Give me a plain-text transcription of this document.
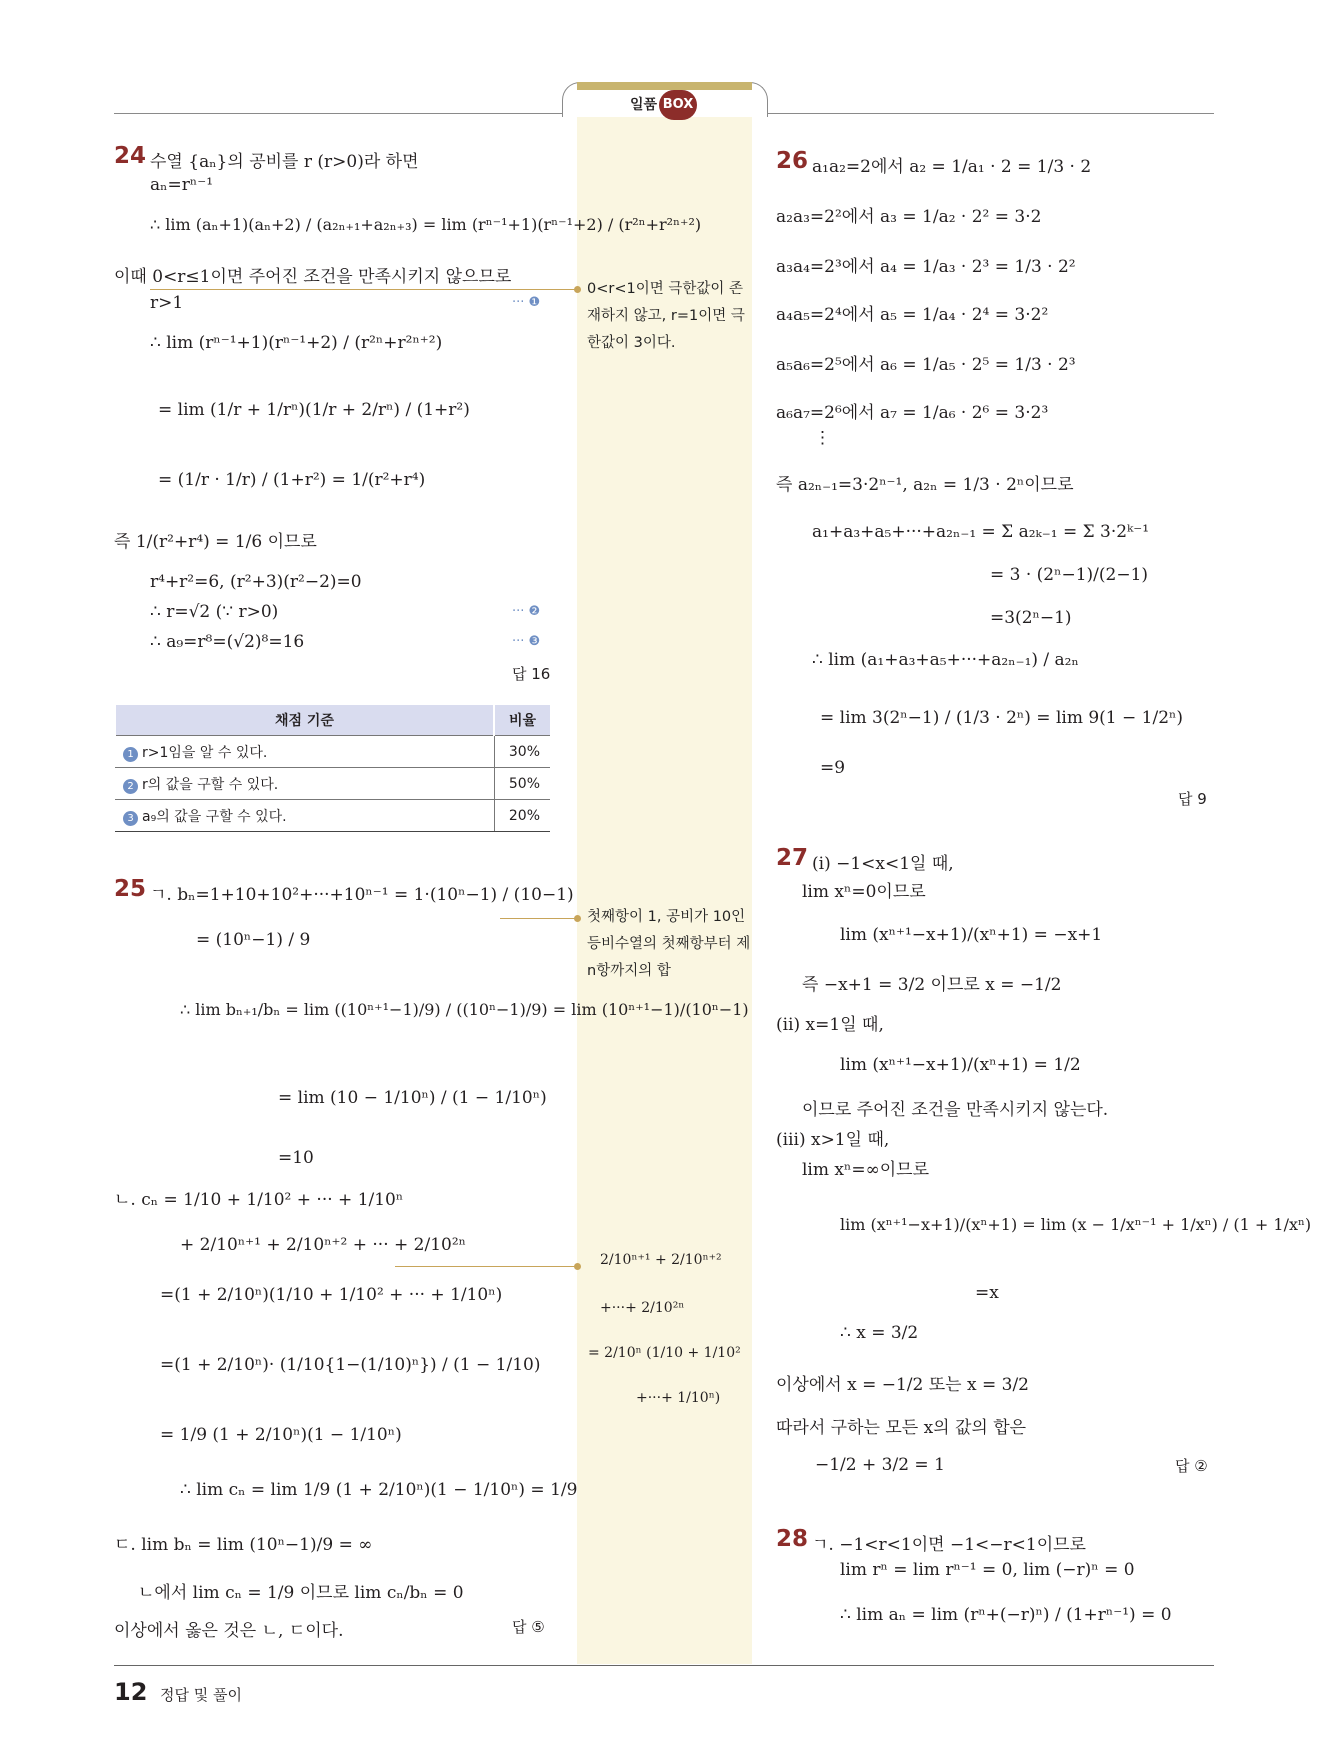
일품 BOX
24 수열 {aₙ}의 공비를 r (r>0)라 하면
aₙ=rⁿ⁻¹
∴ lim (aₙ+1)(aₙ+2) / (a₂ₙ₊₁+a₂ₙ₊₃) = lim (rⁿ⁻¹+1)(rⁿ⁻¹+2) / (r²ⁿ+r²ⁿ⁺²)
이때 0<r≤1이면 주어진 조건을 만족시키지 않으므로
r>1	··· ❶
∴ lim (rⁿ⁻¹+1)(rⁿ⁻¹+2) / (r²ⁿ+r²ⁿ⁺²)
= lim (1/r + 1/rⁿ)(1/r + 2/rⁿ) / (1+r²)
= (1/r · 1/r) / (1+r²) = 1/(r²+r⁴)
즉 1/(r²+r⁴) = 1/6 이므로
r⁴+r²=6, (r²+3)(r²−2)=0
∴ r=√2 (∵ r>0)	··· ❷
∴ a₉=r⁸=(√2)⁸=16	··· ❸
답 16
채점 기준	비율
1 r>1임을 알 수 있다.	30%
2 r의 값을 구할 수 있다.	50%
3 a₉의 값을 구할 수 있다.	20%
25 ㄱ. bₙ=1+10+10²+···+10ⁿ⁻¹ = 1·(10ⁿ−1) / (10−1)
= (10ⁿ−1) / 9
∴ lim bₙ₊₁/bₙ = lim ((10ⁿ⁺¹−1)/9) / ((10ⁿ−1)/9) = lim (10ⁿ⁺¹−1)/(10ⁿ−1)
= lim (10 − 1/10ⁿ) / (1 − 1/10ⁿ)
=10
ㄴ. cₙ = 1/10 + 1/10² + ··· + 1/10ⁿ
+ 2/10ⁿ⁺¹ + 2/10ⁿ⁺² + ··· + 2/10²ⁿ
=(1 + 2/10ⁿ)(1/10 + 1/10² + ··· + 1/10ⁿ)
=(1 + 2/10ⁿ)· (1/10{1−(1/10)ⁿ}) / (1 − 1/10)
= 1/9 (1 + 2/10ⁿ)(1 − 1/10ⁿ)
∴ lim cₙ = lim 1/9 (1 + 2/10ⁿ)(1 − 1/10ⁿ) = 1/9
ㄷ. lim bₙ = lim (10ⁿ−1)/9 = ∞
ㄴ에서 lim cₙ = 1/9 이므로 lim cₙ/bₙ = 0
이상에서 옳은 것은 ㄴ, ㄷ이다.	답 ⑤
0<r<1이면 극한값이 존재하지 않고, r=1이면 극한값이 3이다.
첫째항이 1, 공비가 10인 등비수열의 첫째항부터 제 n항까지의 합
2/10ⁿ⁺¹ + 2/10ⁿ⁺²
+···+ 2/10²ⁿ
= 2/10ⁿ (1/10 + 1/10²
+···+ 1/10ⁿ)
26 a₁a₂=2에서 a₂ = 1/a₁ · 2 = 1/3 · 2
a₂a₃=2²에서 a₃ = 1/a₂ · 2² = 3·2
a₃a₄=2³에서 a₄ = 1/a₃ · 2³ = 1/3 · 2²
a₄a₅=2⁴에서 a₅ = 1/a₄ · 2⁴ = 3·2²
a₅a₆=2⁵에서 a₆ = 1/a₅ · 2⁵ = 1/3 · 2³
a₆a₇=2⁶에서 a₇ = 1/a₆ · 2⁶ = 3·2³
⋮
즉 a₂ₙ₋₁=3·2ⁿ⁻¹, a₂ₙ = 1/3 · 2ⁿ이므로
a₁+a₃+a₅+···+a₂ₙ₋₁ = Σ a₂ₖ₋₁ = Σ 3·2ᵏ⁻¹
= 3 · (2ⁿ−1)/(2−1)
=3(2ⁿ−1)
∴ lim (a₁+a₃+a₅+···+a₂ₙ₋₁) / a₂ₙ
= lim 3(2ⁿ−1) / (1/3 · 2ⁿ) = lim 9(1 − 1/2ⁿ)
=9
답 9
27 (ⅰ) −1<x<1일 때,
lim xⁿ=0이므로
lim (xⁿ⁺¹−x+1)/(xⁿ+1) = −x+1
즉 −x+1 = 3/2 이므로 x = −1/2
(ⅱ) x=1일 때,
lim (xⁿ⁺¹−x+1)/(xⁿ+1) = 1/2
이므로 주어진 조건을 만족시키지 않는다.
(ⅲ) x>1일 때,
lim xⁿ=∞이므로
lim (xⁿ⁺¹−x+1)/(xⁿ+1) = lim (x − 1/xⁿ⁻¹ + 1/xⁿ) / (1 + 1/xⁿ)
=x
∴ x = 3/2
이상에서 x = −1/2 또는 x = 3/2
따라서 구하는 모든 x의 값의 합은
−1/2 + 3/2 = 1	답 ②
28 ㄱ. −1<r<1이면 −1<−r<1이므로
lim rⁿ = lim rⁿ⁻¹ = 0, lim (−r)ⁿ = 0
∴ lim aₙ = lim (rⁿ+(−r)ⁿ) / (1+rⁿ⁻¹) = 0
12 정답 및 풀이
